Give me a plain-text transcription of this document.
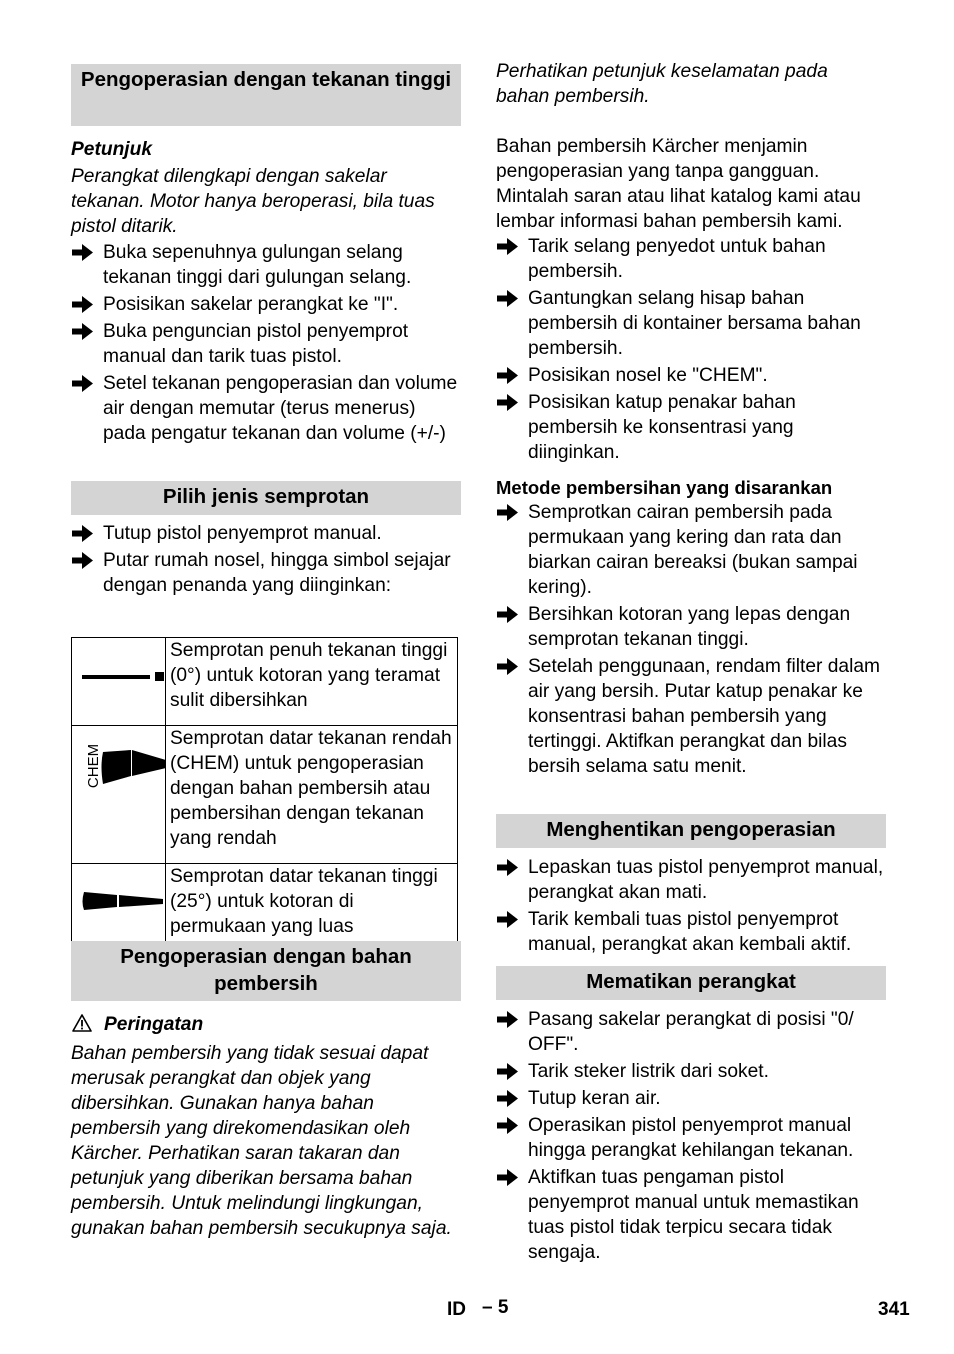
Pengoperasian dengan tekanan tinggi
Petunjuk
Perangkat dilengkapi dengan sakelar tekanan. Motor hanya beroperasi, bila tuas pistol ditarik.
Buka sepenuhnya gulungan selang tekanan tinggi dari gulungan selang.
Posisikan sakelar perangkat ke "I".
Buka penguncian pistol penyemprot manual dan tarik tuas pistol.
Setel tekanan pengoperasian dan volume air dengan memutar (terus menerus) pada pengatur tekanan dan volume (+/-)
Pilih jenis semprotan
Tutup pistol penyemprot manual.
Putar rumah nosel, hingga simbol sejajar dengan penanda yang diinginkan:
	Semprotan penuh tekanan tinggi (0°) untuk kotoran yang teramat sulit dibersihkan

CHEM	Semprotan datar tekanan rendah (CHEM) untuk pengoperasian dengan bahan pembersih atau pembersihan dengan tekanan yang rendah
	Semprotan datar tekanan tinggi (25°) untuk kotoran di permukaan yang luas
Pengoperasian dengan bahan pembersih
Peringatan
Bahan pembersih yang tidak sesuai dapat merusak perangkat dan objek yang dibersihkan. Gunakan hanya bahan pembersih yang direkomendasikan oleh Kärcher. Perhatikan saran takaran dan petunjuk yang diberikan bersama bahan pembersih. Untuk melindungi lingkungan, gunakan bahan pembersih secukupnya saja.
Perhatikan petunjuk keselamatan pada bahan pembersih.
Bahan pembersih Kärcher menjamin pengoperasian yang tanpa gangguan. Mintalah saran atau lihat katalog kami atau lembar informasi bahan pembersih kami.
Tarik selang penyedot untuk bahan pembersih.
Gantungkan selang hisap bahan pembersih di kontainer bersama bahan pembersih.
Posisikan nosel ke "CHEM".
Posisikan katup penakar bahan pembersih ke konsentrasi yang diinginkan.
Metode pembersihan yang disarankan
Semprotkan cairan pembersih pada permukaan yang kering dan rata dan biarkan cairan bereaksi (bukan sampai kering).
Bersihkan kotoran yang lepas dengan semprotan tekanan tinggi.
Setelah penggunaan, rendam filter dalam air yang bersih. Putar katup penakar ke konsentrasi bahan pembersih yang tertinggi. Aktifkan perangkat dan bilas bersih selama satu menit.
Menghentikan pengoperasian
Lepaskan tuas pistol penyemprot manual, perangkat akan mati.
Tarik kembali tuas pistol penyemprot manual, perangkat akan kembali aktif.
Mematikan perangkat
Pasang sakelar perangkat di posisi "0/ OFF".
Tarik steker listrik dari soket.
Tutup keran air.
Operasikan pistol penyemprot manual hingga perangkat kehilangan tekanan.
Aktifkan tuas pengaman pistol penyemprot manual untuk memastikan tuas pistol tidak terpicu secara tidak sengaja.
ID – 5	341
